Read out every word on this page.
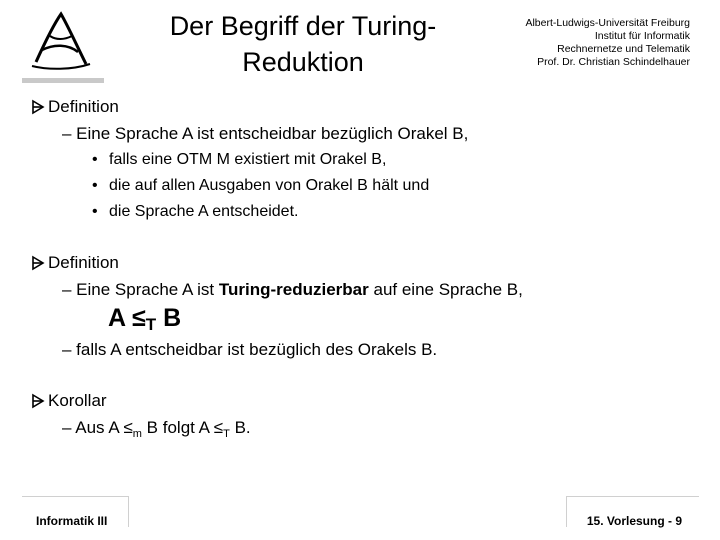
Der Begriff der Turing-
Reduktion
Albert-Ludwigs-Universität Freiburg
Institut für Informatik
Rechnernetze und Telematik
Prof. Dr. Christian Schindelhauer
Definition
– Eine Sprache A ist entscheidbar bezüglich Orakel B,
• falls eine OTM M existiert mit Orakel B,
• die auf allen Ausgaben von Orakel B hält und
• die Sprache A entscheidet.
Definition
– Eine Sprache A ist Turing-reduzierbar auf eine Sprache B,
$A \le_T$ B
– falls A entscheidbar ist bezüglich des Orakels B.
Korollar
– Aus $A \le_m$ B folgt $A \le_T$ B.
Informatik III	15. Vorlesung - 9
